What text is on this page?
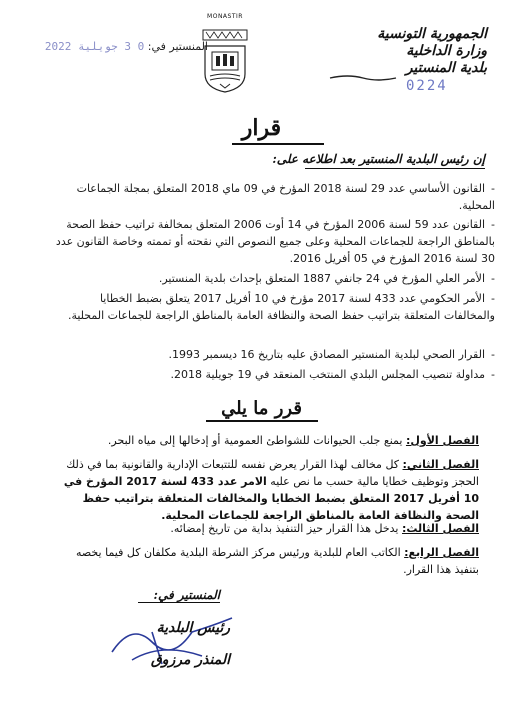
الجمهورية التونسية
وزارة الداخلية
بلدية المنستير
المنستير في: 0 3 جويلية 2022
MONASTIR
0224
قرار
إن رئيس البلدية المنستير بعد اطلاعه على:
-القانون الأساسي عدد 29 لسنة 2018 المؤرخ في 09 ماي 2018 المتعلق بمجلة الجماعات المحلية.
-القانون عدد 59 لسنة 2006 المؤرخ في 14 أوت 2006 المتعلق بمخالفة تراتيب حفظ الصحة بالمناطق الراجعة للجماعات المحلية وعلى جميع النصوص التي نقحته أو تممته وخاصة القانون عدد 30 لسنة 2016 المؤرخ في 05 أفريل 2016.
-الأمر العلي المؤرخ في 24 جانفي 1887 المتعلق بإحداث بلدية المنستير.
-الأمر الحكومي عدد 433 لسنة 2017 مؤرخ في 10 أفريل 2017 يتعلق بضبط الخطايا والمخالفات المتعلقة بتراتيب حفظ الصحة والنظافة العامة بالمناطق الراجعة للجماعات المحلية.
-القرار الصحي لبلدية المنستير المصادق عليه بتاريخ 16 ديسمبر 1993.
-مداولة تنصيب المجلس البلدي المنتخب المنعقد في 19 جويلية 2018.
قرر ما يلي
الفصل الأول: يمنع جلب الحيوانات للشواطئ العمومية أو إدخالها إلى مياه البحر.
الفصل الثاني: كل مخالف لهذا القرار يعرض نفسه للتتبعات الإدارية والقانونية بما في ذلك الحجز وتوظيف خطايا مالية حسب ما نص عليه الامر عدد 433 لسنة 2017 المؤرخ في 10 أفريل 2017 المتعلق بضبط الخطايا والمخالفات المتعلقة بتراتيب حفظ الصحة والنظافة العامة بالمناطق الراجعة للجماعات المحلية.
الفصل الثالث: يدخل هذا القرار حيز التنفيذ بداية من تاريخ إمضائه.
الفصل الرابع: الكاتب العام للبلدية ورئيس مركز الشرطة البلدية مكلفان كل فيما يخصه بتنفيذ هذا القرار.
المنستير في:
رئيس البلدية
المنذر مرزوق
